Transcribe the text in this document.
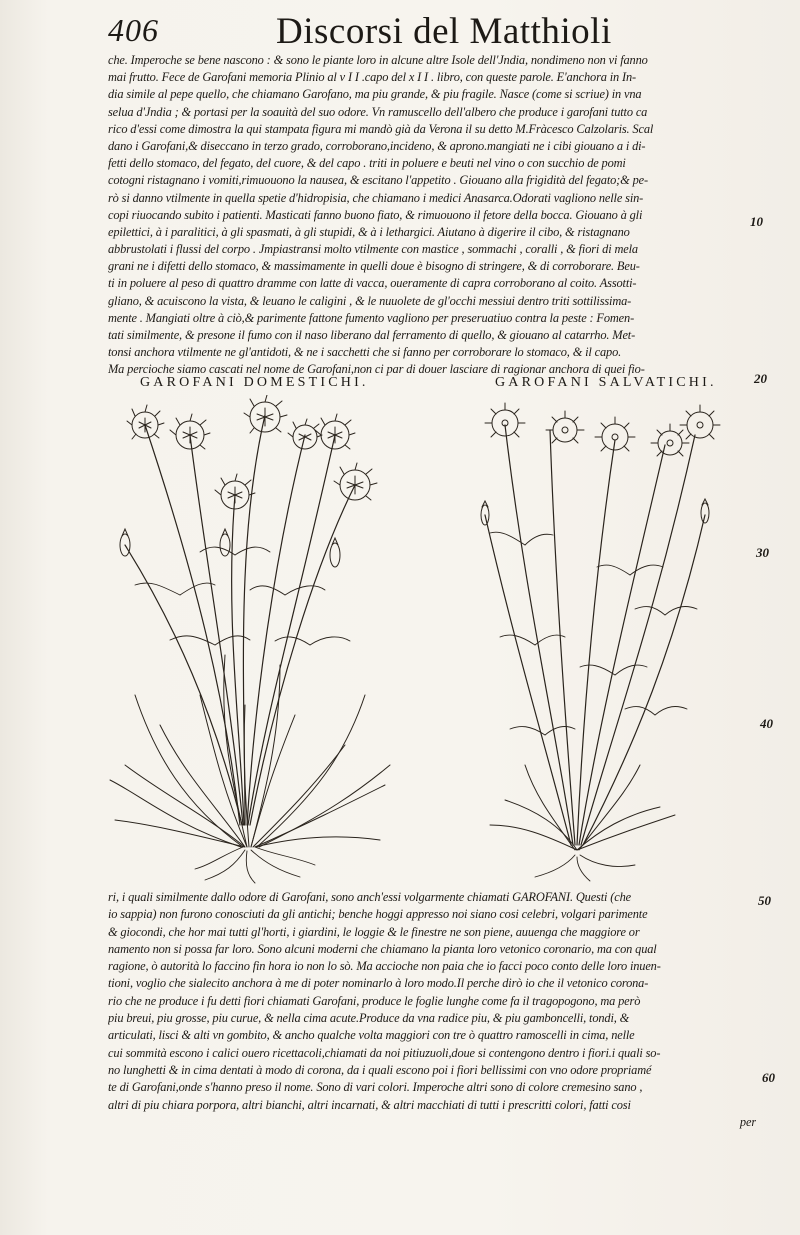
406	Discorsi del Matthioli
che. Imperoche se bene nascono : & sono le piante loro in alcune altre Isole dell'Jndia, nondimeno non vi fanno
mai frutto. Fece de Garofani memoria Plinio al v I I .capo del x I I . libro, con queste parole. E'anchora in In-
dia simile al pepe quello, che chiamano Garofano, ma piu grande, & piu fragile. Nasce (come si scriue) in vna
selua d'Jndia ; & portasi per la soauità del suo odore. Vn ramuscello dell'albero che produce i garofani tutto ca
rico d'essi come dimostra la qui stampata figura mi mandò già da Verona il su detto M.Fràcesco Calzolaris. Scal
dano i Garofani,& diseccano in terzo grado, corroborano,incideno, & aprono.mangiati ne i cibi giouano a i di-
fetti dello stomaco, del fegato, del cuore, & del capo . triti in poluere e beuti nel vino o con succhio de pomi
cotogni ristagnano i vomiti,rimuouono la nausea, & escitano l'appetito . Giouano alla frigidità del fegato;& pe-
rò si danno vtilmente in quella spetie d'hidropisia, che chiamano i medici Anasarca.Odorati vagliono nelle sin-
copi riuocando subito i patienti. Masticati fanno buono fiato, & rimuouono il fetore della bocca. Giouano à gli
epilettici, à i paralitici, à gli spasmati, à gli stupidi, & à i lethargici. Aiutano à digerire il cibo, & ristagnano
abbrustolati i flussi del corpo . Jmpiastransi molto vtilmente con mastice , sommachi , coralli , & fiori di mela
grani ne i difetti dello stomaco, & massimamente in quelli doue è bisogno di stringere, & di corroborare. Beu-
ti in poluere al peso di quattro dramme con latte di vacca, oueramente di capra corroborano al coito. Assotti-
gliano, & acuiscono la vista, & leuano le caligini , & le nuuolete de gl'occhi messiui dentro triti sottilissima-
mente . Mangiati oltre à ciò,& parimente fattone fumento vagliono per preseruatiuo contra la peste : Fomen-
tati similmente, & presone il fumo con il naso liberano dal ferramento di quello, & giouano al catarrho. Met-
tonsi anchora vtilmente ne gl'antidoti, & ne i sacchetti che si fanno per corroborare lo stomaco, & il capo.
Ma percioche siamo cascati nel nome de Garofani,non ci par di douer lasciare di ragionar anchora di quei fio-
10
20
30
40
50
60
GAROFANI DOMESTICHI.	GAROFANI SALVATICHI.
ri, i quali similmente dallo odore di Garofani, sono anch'essi volgarmente chiamati GAROFANI. Questi (che
io sappia) non furono conosciuti da gli antichi; benche hoggi appresso noi siano cosi celebri, volgari parimente
& giocondi, che hor mai tutti gl'horti, i giardini, le loggie & le finestre ne son piene, auuenga che maggiore or
namento non si possa far loro. Sono alcuni moderni che chiamano la pianta loro vetonico coronario, ma con qual
ragione, ò autorità lo faccino fin hora io non lo sò. Ma accioche non paia che io facci poco conto delle loro inuen-
tioni, voglio che sialecito anchora à me di poter nominarlo à loro modo.Il perche dirò io che il vetonico corona-
rio che ne produce i fu detti fiori chiamati Garofani, produce le foglie lunghe come fa il tragopogono, ma però
piu breui, piu grosse, piu curue, & nella cima acute.Produce da vna radice piu, & piu gamboncelli, tondi, &
articulati, lisci & alti vn gombito, & ancho qualche volta maggiori con tre ò quattro ramoscelli in cima, nelle
cui sommità escono i calici ouero ricettacoli,chiamati da noi pitiuzuoli,doue si contengono dentro i fiori.i quali so-
no lunghetti & in cima dentati à modo di corona, da i quali escono poi i fiori bellissimi con vno odore propriamé
te di Garofani,onde s'hanno preso il nome. Sono di vari colori. Imperoche altri sono di colore cremesino sano ,
altri di piu chiara porpora, altri bianchi, altri incarnati, & altri macchiati di tutti i prescritti colori, fatti cosi
per
